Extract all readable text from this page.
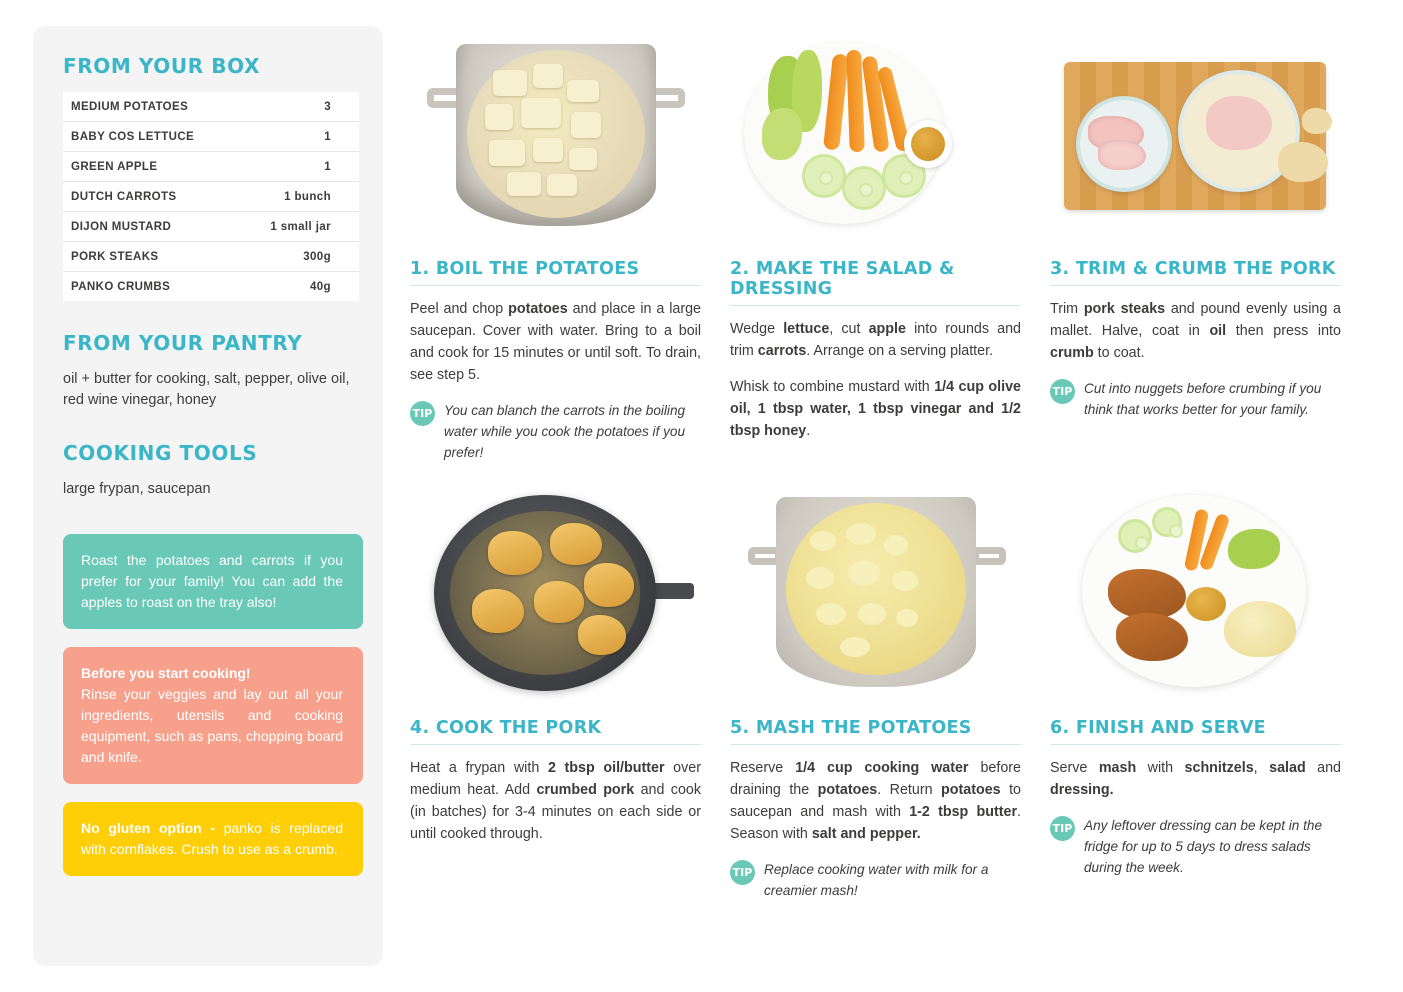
FROM YOUR BOX
MEDIUM POTATOES	3
BABY COS LETTUCE	1
GREEN APPLE	1
DUTCH CARROTS	1 bunch
DIJON MUSTARD	1 small jar
PORK STEAKS	300g
PANKO CRUMBS	40g
FROM YOUR PANTRY

oil + butter for cooking, salt, pepper, olive oil, red wine vinegar, honey

COOKING TOOLS

large frypan, saucepan

Roast the potatoes and carrots if you prefer for your family! You can add the apples to roast on the tray also!
Before you start cooking!
Rinse your veggies and lay out all your ingredients, utensils and cooking equipment, such as pans, chopping board and knife.
No gluten option - panko is replaced with cornflakes. Crush to use as a crumb.
1. BOIL THE POTATOES

Peel and chop potatoes and place in a large saucepan. Cover with water. Bring to a boil and cook for 15 minutes or until soft. To drain, see step 5.

TIP You can blanch the carrots in the boiling water while you cook the potatoes if you prefer!
2. MAKE THE SALAD & DRESSING

Wedge lettuce, cut apple into rounds and trim carrots. Arrange on a serving platter.

Whisk to combine mustard with 1/4 cup olive oil, 1 tbsp water, 1 tbsp vinegar and 1/2 tbsp honey.

3. TRIM & CRUMB THE PORK

Trim pork steaks and pound evenly using a mallet. Halve, coat in oil then press into crumb to coat.

TIP Cut into nuggets before crumbing if you think that works better for your family.
4. COOK THE PORK

Heat a frypan with 2 tbsp oil/butter over medium heat. Add crumbed pork and cook (in batches) for 3-4 minutes on each side or until cooked through.

5. MASH THE POTATOES

Reserve 1/4 cup cooking water before draining the potatoes. Return potatoes to saucepan and mash with 1-2 tbsp butter. Season with salt and pepper.

TIP Replace cooking water with milk for a creamier mash!
6. FINISH AND SERVE

Serve mash with schnitzels, salad and dressing.

TIP Any leftover dressing can be kept in the fridge for up to 5 days to dress salads during the week.
